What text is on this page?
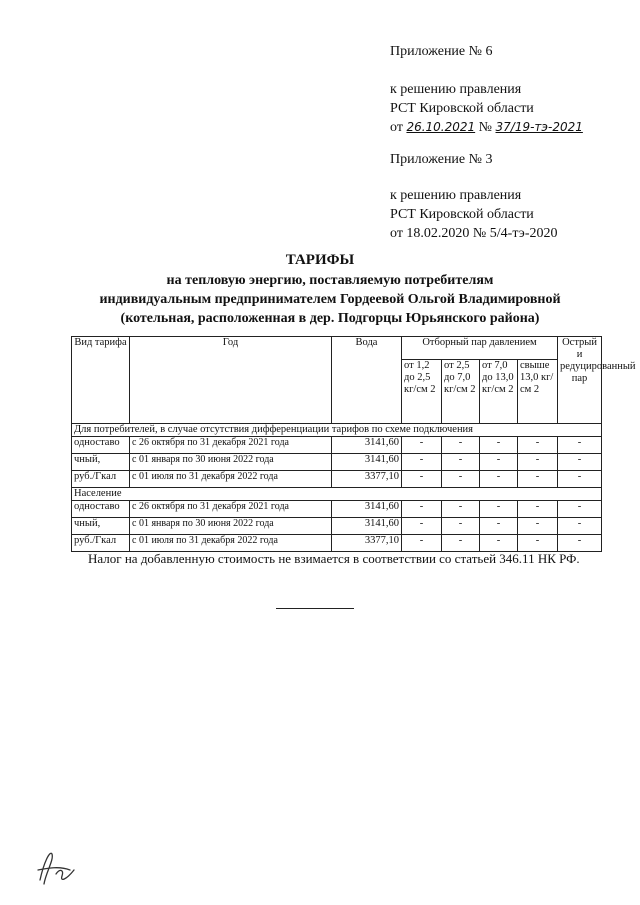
Приложение № 6
к решению правления
РСТ Кировской области
от 26.10.2021 № 37/19-тэ-2021
Приложение № 3
к решению правления
РСТ Кировской области
от 18.02.2020 № 5/4-тэ-2020
ТАРИФЫ
на тепловую энергию, поставляемую потребителям
индивидуальным предпринимателем Гордеевой Ольгой Владимировной
(котельная, расположенная в дер. Подгорцы Юрьянского района)
Вид тарифа	Год	Вода	Отборный пар давлением				Острый и редуцированный пар
			от 1,2 до 2,5 кг/см 2	от 2,5 до 7,0 кг/см 2	от 7,0 до 13,0 кг/см 2	свыше 13,0 кг/см 2	
Для потребителей, в случае отсутствия дифференциации тарифов по схеме подключения							
одноставо	с 26 октября по 31 декабря 2021 года	3141,60	-	-	-	-	-
чный,	с 01 января по 30 июня 2022 года	3141,60	-	-	-	-	-
руб./Гкал	с 01 июля по 31 декабря 2022 года	3377,10	-	-	-	-	-
Население							
одноставо	с 26 октября по 31 декабря 2021 года	3141,60	-	-	-	-	-
чный,	с 01 января по 30 июня 2022 года	3141,60	-	-	-	-	-
руб./Гкал	с 01 июля по 31 декабря 2022 года	3377,10	-	-	-	-	-
Налог на добавленную стоимость не взимается в соответствии со статьей 346.11 НК РФ.
